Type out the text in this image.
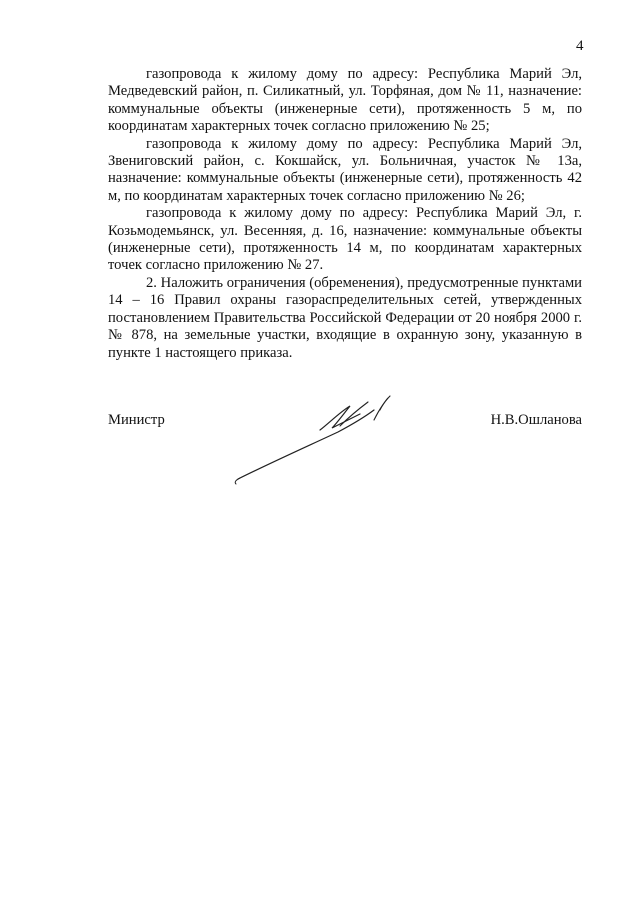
4

газопровода к жилому дому по адресу: Республика Марий Эл, Медведевский район, п. Силикатный, ул. Торфяная, дом № 11, назначение: коммунальные объекты (инженерные сети), протяженность 5 м, по координатам характерных точек согласно приложению № 25;

газопровода к жилому дому по адресу: Республика Марий Эл, Звениговский район, с. Кокшайск, ул. Больничная, участок № 13а, назначение: коммунальные объекты (инженерные сети), протяженность 42 м, по координатам характерных точек согласно приложению № 26;

газопровода к жилому дому по адресу: Республика Марий Эл, г. Козьмодемьянск, ул. Весенняя, д. 16, назначение: коммунальные объекты (инженерные сети), протяженность 14 м, по координатам характерных точек согласно приложению № 27.

2. Наложить ограничения (обременения), предусмотренные пунктами 14 – 16 Правил охраны газораспределительных сетей, утвержденных постановлением Правительства Российской Федерации от 20 ноября 2000 г. № 878, на земельные участки, входящие в охранную зону, указанную в пункте 1 настоящего приказа.

Министр	Н.В.Ошланова
